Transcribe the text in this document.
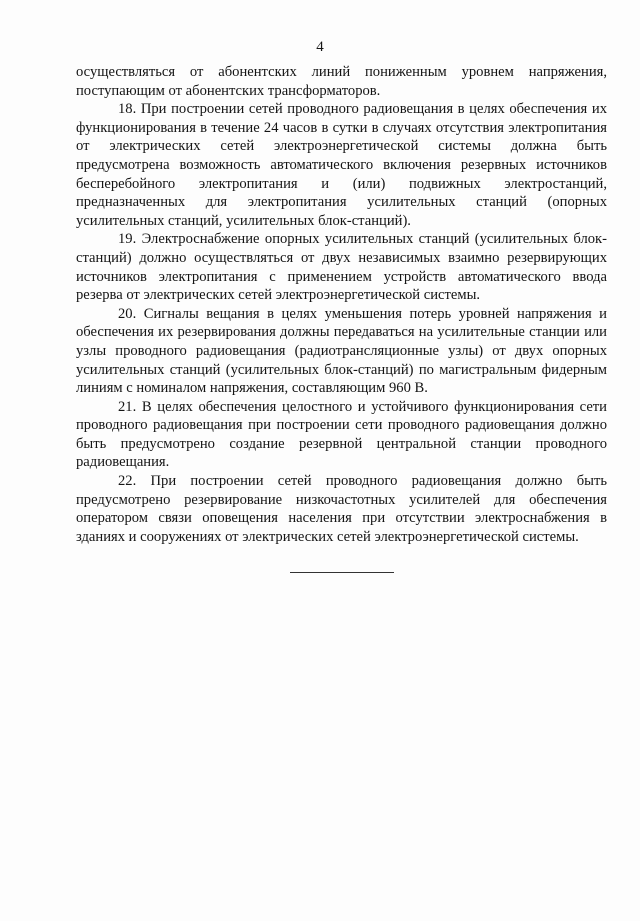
4

осуществляться от абонентских линий пониженным уровнем напряжения, поступающим от абонентских трансформаторов.

18. При построении сетей проводного радиовещания в целях обеспечения их функционирования в течение 24 часов в сутки в случаях отсутствия электропитания от электрических сетей электроэнергетической системы должна быть предусмотрена возможность автоматического включения резервных источников бесперебойного электропитания и (или) подвижных электростанций, предназначенных для электропитания усилительных станций (опорных усилительных станций, усилительных блок-станций).

19. Электроснабжение опорных усилительных станций (усилительных блок-станций) должно осуществляться от двух независимых взаимно резервирующих источников электропитания с применением устройств автоматического ввода резерва от электрических сетей электроэнергетической системы.

20. Сигналы вещания в целях уменьшения потерь уровней напряжения и обеспечения их резервирования должны передаваться на усилительные станции или узлы проводного радиовещания (радиотрансляционные узлы) от двух опорных усилительных станций (усилительных блок-станций) по магистральным фидерным линиям с номиналом напряжения, составляющим 960 В.

21. В целях обеспечения целостного и устойчивого функционирования сети проводного радиовещания при построении сети проводного радиовещания должно быть предусмотрено создание резервной центральной станции проводного радиовещания.

22. При построении сетей проводного радиовещания должно быть предусмотрено резервирование низкочастотных усилителей для обеспечения оператором связи оповещения населения при отсутствии электроснабжения в зданиях и сооружениях от электрических сетей электроэнергетической системы.
